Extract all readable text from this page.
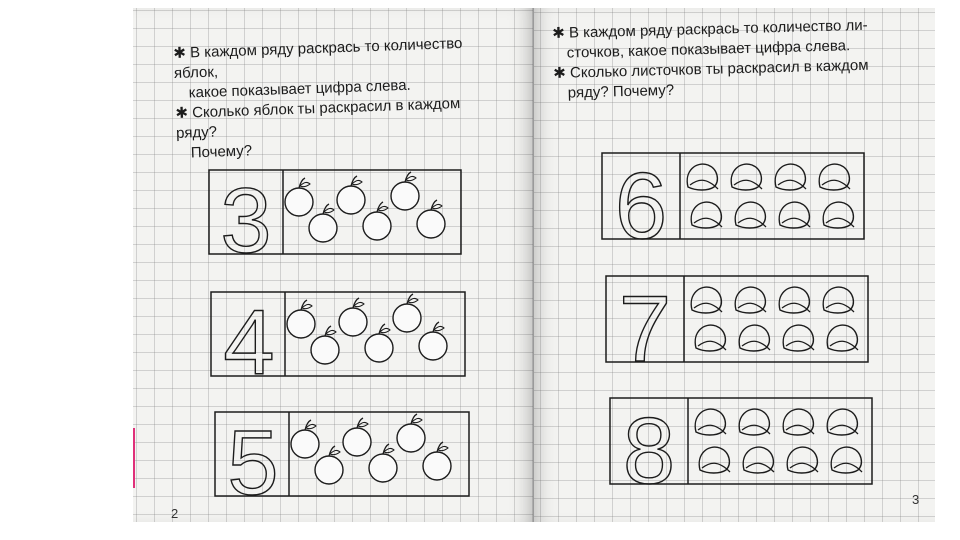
✱ В каждом ряду раскрась то количество яблок,

какое показывает цифра слева.

✱ Сколько яблок ты раскрасил в каждом ряду?

Почему?

3
4
5
2

✱ В каждом ряду раскрась то количество ли-

сточков, какое показывает цифра слева.

✱ Сколько листочков ты раскрасил в каждом

ряду? Почему?

6
7
8	3
